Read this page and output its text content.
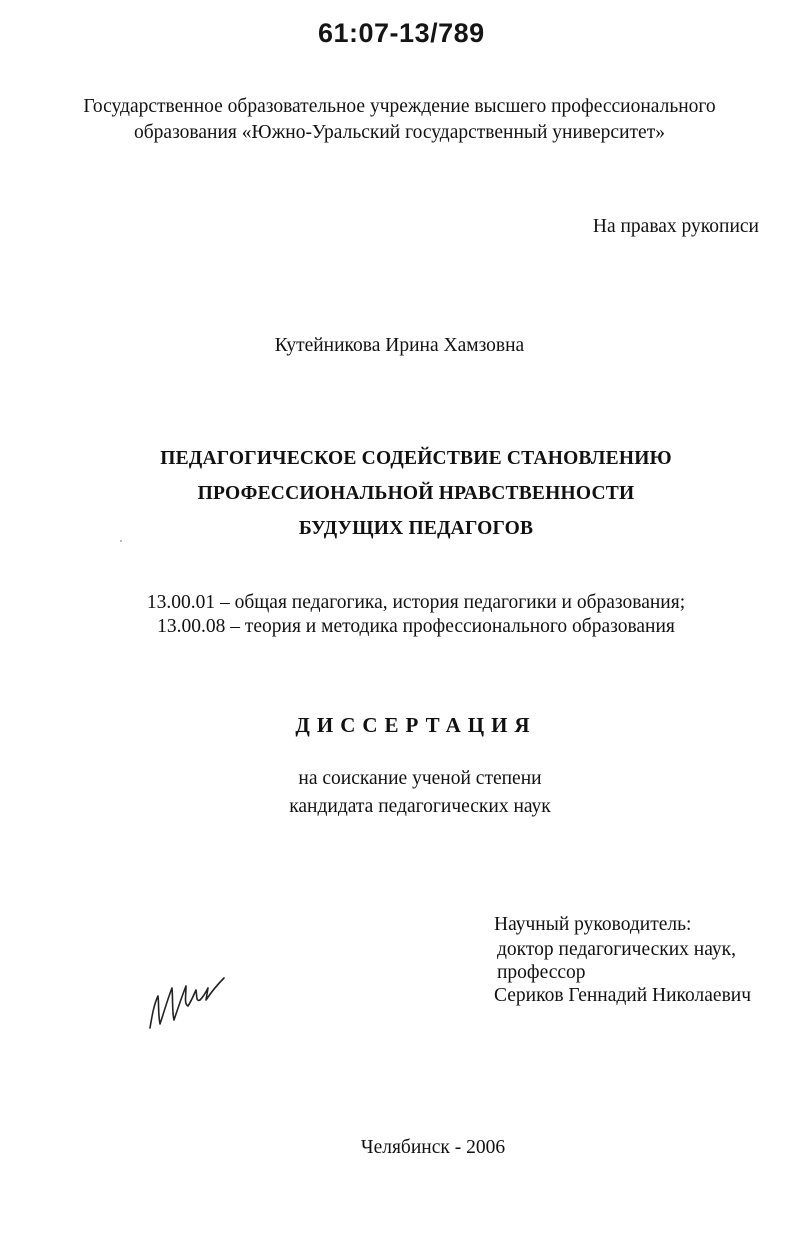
61:07-13/789
Государственное образовательное учреждение высшего профессионального
образования «Южно-Уральский государственный университет»
На правах рукописи
Кутейникова Ирина Хамзовна
ПЕДАГОГИЧЕСКОЕ СОДЕЙСТВИЕ СТАНОВЛЕНИЮ
ПРОФЕССИОНАЛЬНОЙ НРАВСТВЕННОСТИ
БУДУЩИХ ПЕДАГОГОВ
13.00.01 – общая педагогика, история педагогики и образования;
13.00.08 – теория и методика профессионального образования
ДИССЕРТАЦИЯ
на соискание ученой степени
кандидата педагогических наук
Научный руководитель:
доктор педагогических наук,
профессор
Сериков Геннадий Николаевич
Челябинск - 2006
